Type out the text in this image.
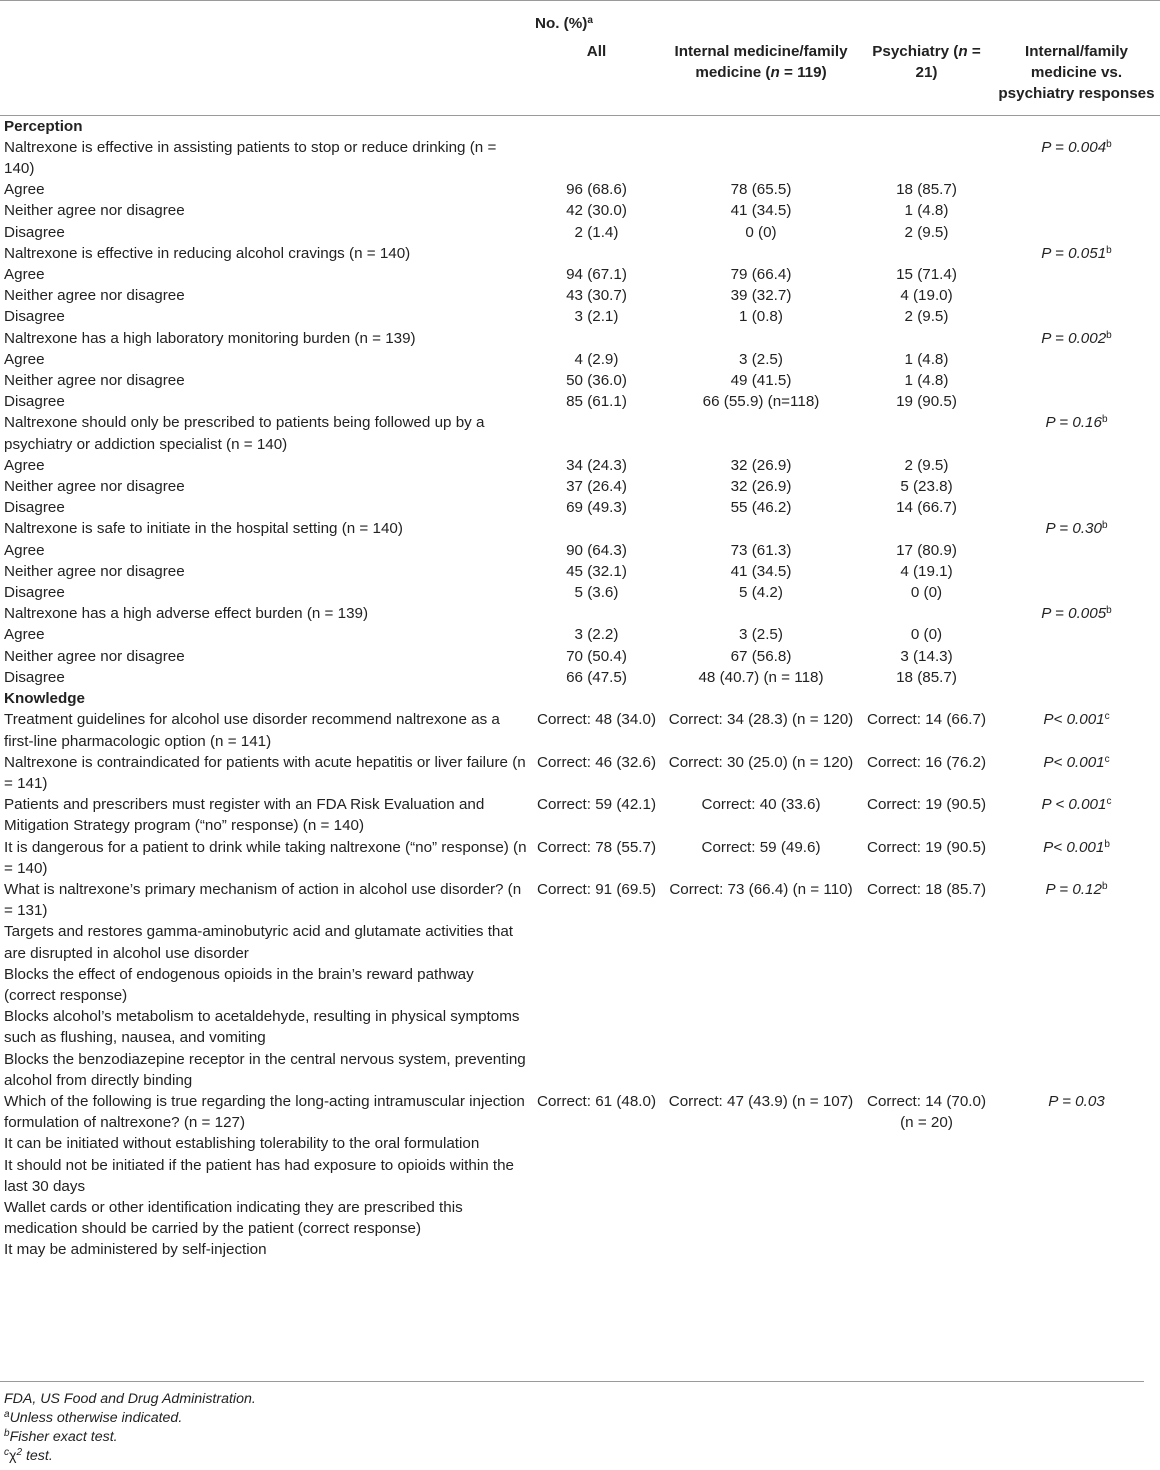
	No. (%)$^a$
	All	Internal medicine/family medicine (n = 119)	Psychiatry (n = 21)	Internal/family medicine vs. psychiatry responses
Perception				
Naltrexone is effective in assisting patients to stop or reduce drinking (n = 140)				P = 0.004$^b$
Agree	96 (68.6)	78 (65.5)	18 (85.7)	
Neither agree nor disagree	42 (30.0)	41 (34.5)	1 (4.8)	
Disagree	2 (1.4)	0 (0)	2 (9.5)	
Naltrexone is effective in reducing alcohol cravings (n = 140)				P = 0.051$^b$
Agree	94 (67.1)	79 (66.4)	15 (71.4)	
Neither agree nor disagree	43 (30.7)	39 (32.7)	4 (19.0)	
Disagree	3 (2.1)	1 (0.8)	2 (9.5)	
Naltrexone has a high laboratory monitoring burden (n = 139)				P = 0.002$^b$
Agree	4 (2.9)	3 (2.5)	1 (4.8)	
Neither agree nor disagree	50 (36.0)	49 (41.5)	1 (4.8)	
Disagree	85 (61.1)	66 (55.9) (n=118)	19 (90.5)	
Naltrexone should only be prescribed to patients being followed up by a psychiatry or addiction specialist (n = 140)				P = 0.16$^b$
Agree	34 (24.3)	32 (26.9)	2 (9.5)	
Neither agree nor disagree	37 (26.4)	32 (26.9)	5 (23.8)	
Disagree	69 (49.3)	55 (46.2)	14 (66.7)	
Naltrexone is safe to initiate in the hospital setting (n = 140)				P = 0.30$^b$
Agree	90 (64.3)	73 (61.3)	17 (80.9)	
Neither agree nor disagree	45 (32.1)	41 (34.5)	4 (19.1)	
Disagree	5 (3.6)	5 (4.2)	0 (0)	
Naltrexone has a high adverse effect burden (n = 139)				P = 0.005$^b$
Agree	3 (2.2)	3 (2.5)	0 (0)	
Neither agree nor disagree	70 (50.4)	67 (56.8)	3 (14.3)	
Disagree	66 (47.5)	48 (40.7) (n = 118)	18 (85.7)	
Knowledge				
Treatment guidelines for alcohol use disorder recommend naltrexone as a first-line pharmacologic option (n = 141)	Correct: 48 (34.0)	Correct: 34 (28.3) (n = 120)	Correct: 14 (66.7)	P< 0.001$^c$
Naltrexone is contraindicated for patients with acute hepatitis or liver failure (n = 141)	Correct: 46 (32.6)	Correct: 30 (25.0) (n = 120)	Correct: 16 (76.2)	P< 0.001$^c$
Patients and prescribers must register with an FDA Risk Evaluation and Mitigation Strategy program (“no” response) (n = 140)	Correct: 59 (42.1)	Correct: 40 (33.6)	Correct: 19 (90.5)	P < 0.001$^c$
It is dangerous for a patient to drink while taking naltrexone (“no” response) (n = 140)	Correct: 78 (55.7)	Correct: 59 (49.6)	Correct: 19 (90.5)	P< 0.001$^b$
What is naltrexone’s primary mechanism of action in alcohol use disorder? (n = 131)	Correct: 91 (69.5)	Correct: 73 (66.4) (n = 110)	Correct: 18 (85.7)	P = 0.12$^b$
Targets and restores gamma-aminobutyric acid and glutamate activities that are disrupted in alcohol use disorder				
Blocks the effect of endogenous opioids in the brain’s reward pathway (correct response)				
Blocks alcohol’s metabolism to acetaldehyde, resulting in physical symptoms such as flushing, nausea, and vomiting				
Blocks the benzodiazepine receptor in the central nervous system, preventing alcohol from directly binding				
Which of the following is true regarding the long-acting intramuscular injection formulation of naltrexone? (n = 127)	Correct: 61 (48.0)	Correct: 47 (43.9) (n = 107)	Correct: 14 (70.0) (n = 20)	P = 0.03
It can be initiated without establishing tolerability to the oral formulation				
It should not be initiated if the patient has had exposure to opioids within the last 30 days				
Wallet cards or other identification indicating they are prescribed this medication should be carried by the patient (correct response)				
It may be administered by self-injection				
FDA, US Food and Drug Administration.
$^a$Unless otherwise indicated.
$^b$Fisher exact test.
$^c\chi^2$ test.
